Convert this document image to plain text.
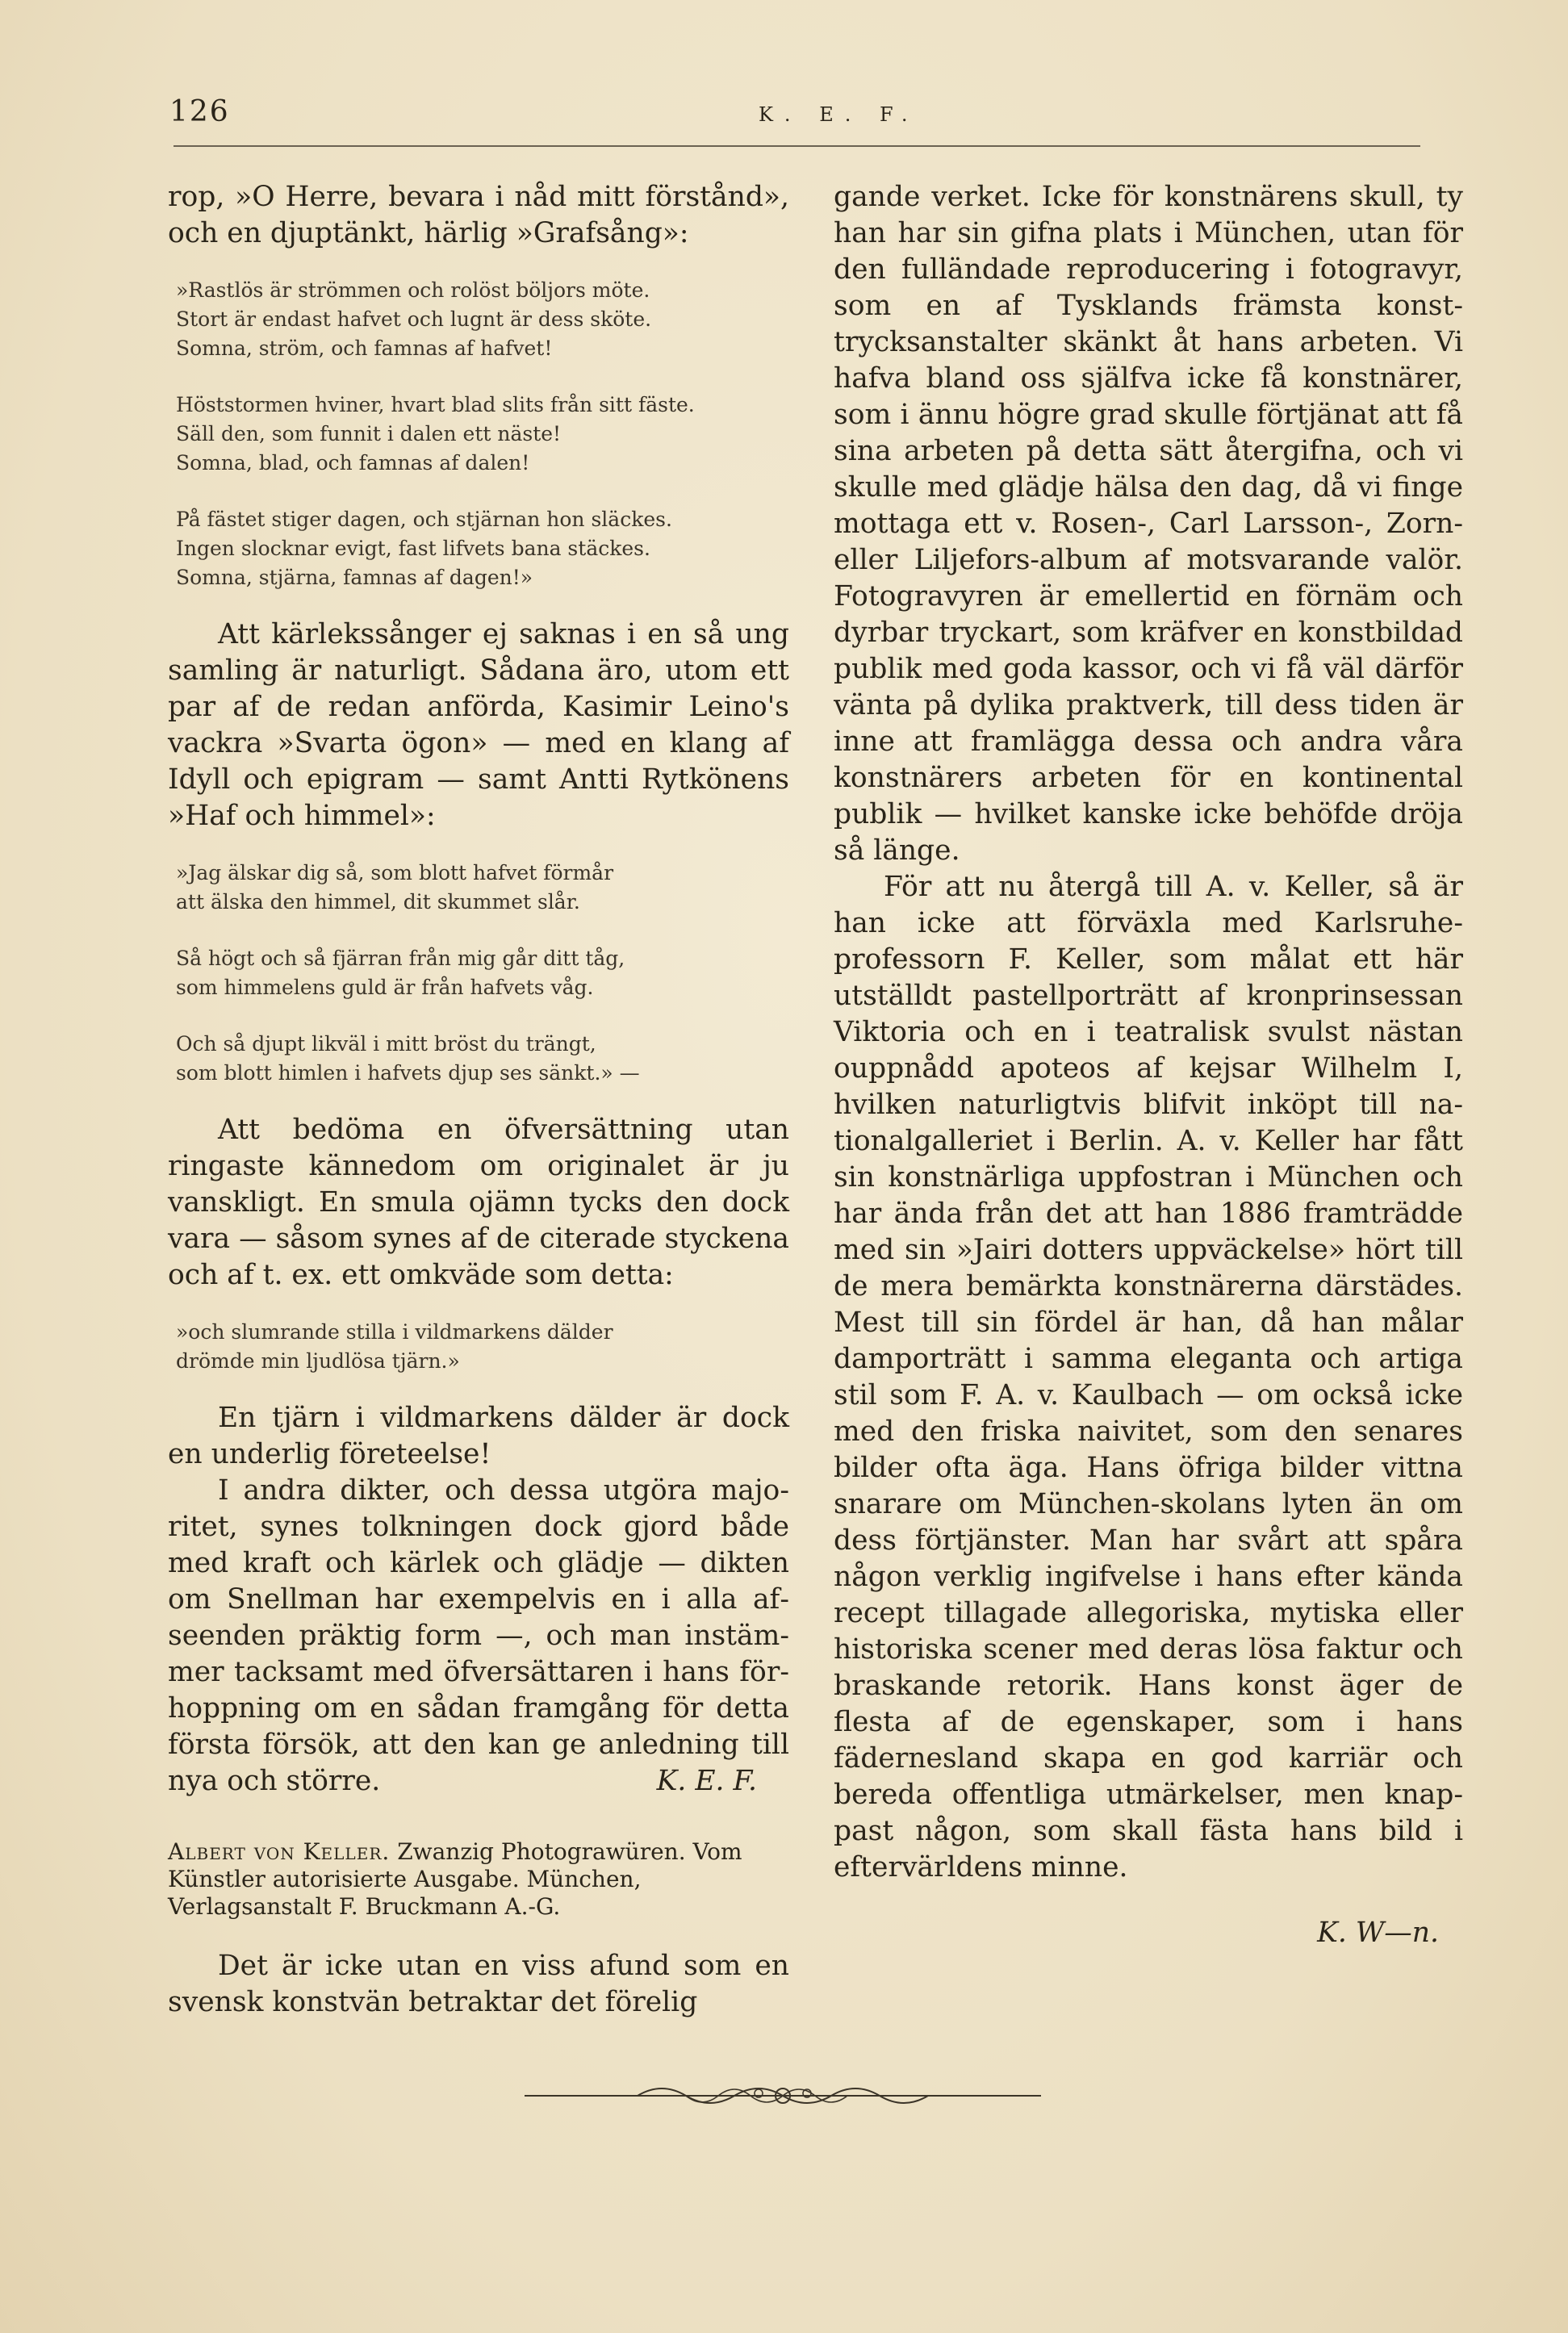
126	K. E. F.

rop, »O Herre, bevara i nåd mitt förstånd», och en djuptänkt, härlig »Grafsång»:

»Rastlös är strömmen och rolöst böljors möte.
Stort är endast hafvet och lugnt är dess sköte.
Somna, ström, och famnas af hafvet!
Höststormen hviner, hvart blad slits från sitt fäste.
Säll den, som funnit i dalen ett näste!
Somna, blad, och famnas af dalen!
På fästet stiger dagen, och stjärnan hon släckes.
Ingen slocknar evigt, fast lifvets bana stäckes.
Somna, stjärna, famnas af dagen!»

Att kärlekssånger ej saknas i en så ung samling är naturligt. Sådana äro, utom ett par af de redan anförda, Kasimir Leino's vackra »Svarta ögon» — med en klang af Idyll och epigram — samt Antti Rytkönens »Haf och himmel»:

»Jag älskar dig så, som blott hafvet förmår
att älska den himmel, dit skummet slår.
Så högt och så fjärran från mig går ditt tåg,
som himmelens guld är från hafvets våg.
Och så djupt likväl i mitt bröst du trängt,
som blott himlen i hafvets djup ses sänkt.» —

Att bedöma en öfversättning utan ringaste kännedom om originalet är ju vanskligt. En smula ojämn tycks den dock vara — såsom synes af de citerade styckena och af t. ex. ett omkväde som detta:

»och slumrande stilla i vildmarkens dälder
drömde min ljudlösa tjärn.»

En tjärn i vildmarkens dälder är dock en underlig företeelse!

I andra dikter, och dessa utgöra majoritet, synes tolkningen dock gjord både med kraft och kärlek och glädje — dikten om Snellman har exempelvis en i alla afseenden präktig form —, och man instämmer tacksamt med öfversättaren i hans förhoppning om en sådan framgång för detta första försök, att den kan ge anledning till nya och större.	K. E. F.

Albert von Keller. Zwanzig Photograwüren. Vom Künstler autorisierte Ausgabe. München, Verlagsanstalt F. Bruckmann A.-G.

Det är icke utan en viss afund som en svensk konstvän betraktar det förelig

gande verket. Icke för konstnärens skull, ty han har sin gifna plats i München, utan för den fulländade reproducering i fotogravyr, som en af Tysklands främsta konsttrycksanstalter skänkt åt hans arbeten. Vi hafva bland oss själfva icke få konstnärer, som i ännu högre grad skulle förtjänat att få sina arbeten på detta sätt återgifna, och vi skulle med glädje hälsa den dag, då vi finge mottaga ett v. Rosen-, Carl Larsson-, Zorn- eller Liljefors-album af motsvarande valör. Fotogravyren är emellertid en förnäm och dyrbar tryckart, som kräfver en konstbildad publik med goda kassor, och vi få väl därför vänta på dylika praktverk, till dess tiden är inne att framlägga dessa och andra våra konstnärers arbeten för en kontinental publik — hvilket kanske icke behöfde dröja så länge.

För att nu återgå till A. v. Keller, så är han icke att förväxla med Karlsruheprofessorn F. Keller, som målat ett här utställdt pastellporträtt af kronprinsessan Viktoria och en i teatralisk svulst nästan ouppnådd apoteos af kejsar Wilhelm I, hvilken naturligtvis blifvit inköpt till nationalgalleriet i Berlin. A. v. Keller har fått sin konstnärliga uppfostran i München och har ända från det att han 1886 framträdde med sin »Jairi dotters uppväckelse» hört till de mera bemärkta konstnärerna därstädes. Mest till sin fördel är han, då han målar damporträtt i samma eleganta och artiga stil som F. A. v. Kaulbach — om också icke med den friska naivitet, som den senares bilder ofta äga. Hans öfriga bilder vittna snarare om München-skolans lyten än om dess förtjänster. Man har svårt att spåra någon verklig ingifvelse i hans efter kända recept tillagade allegoriska, mytiska eller historiska scener med deras lösa faktur och braskande retorik. Hans konst äger de flesta af de egenskaper, som i hans fädernesland skapa en god karriär och bereda offentliga utmärkelser, men knappast någon, som skall fästa hans bild i eftervärldens minne.

K. W—n.
